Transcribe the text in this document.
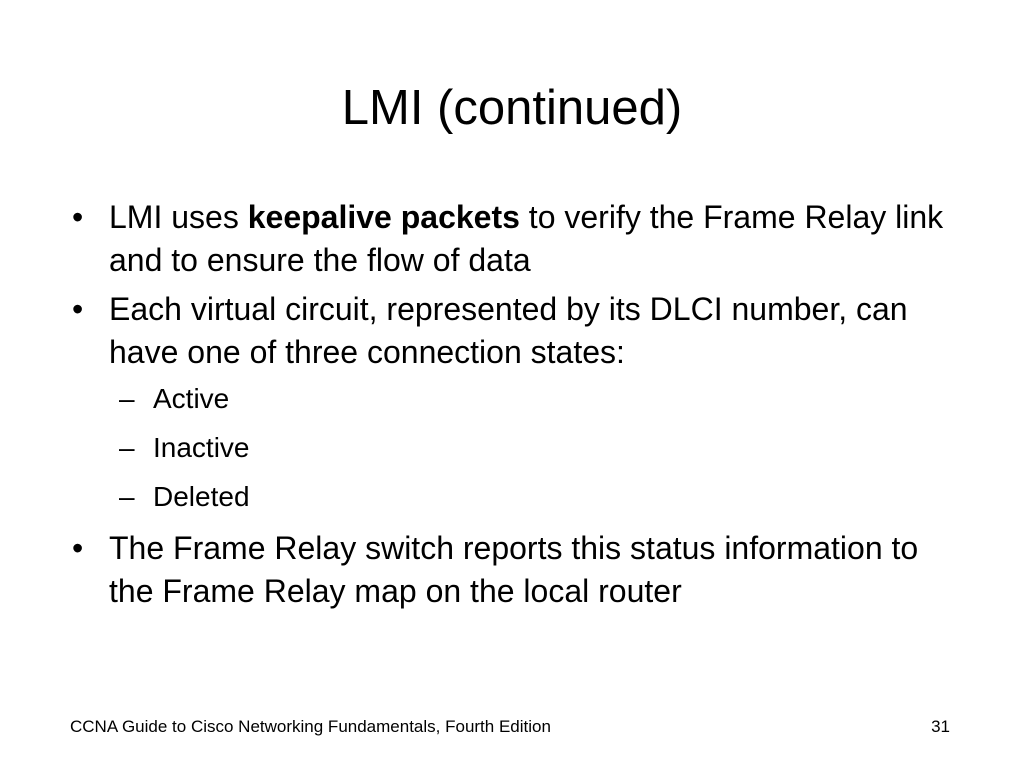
LMI (continued)
• LMI uses keepalive packets to verify the Frame Relay link and to ensure the flow of data
• Each virtual circuit, represented by its DLCI number, can have one of three connection states:
– Active
– Inactive
– Deleted
• The Frame Relay switch reports this status information to the Frame Relay map on the local router
CCNA Guide to Cisco Networking Fundamentals, Fourth Edition	31
